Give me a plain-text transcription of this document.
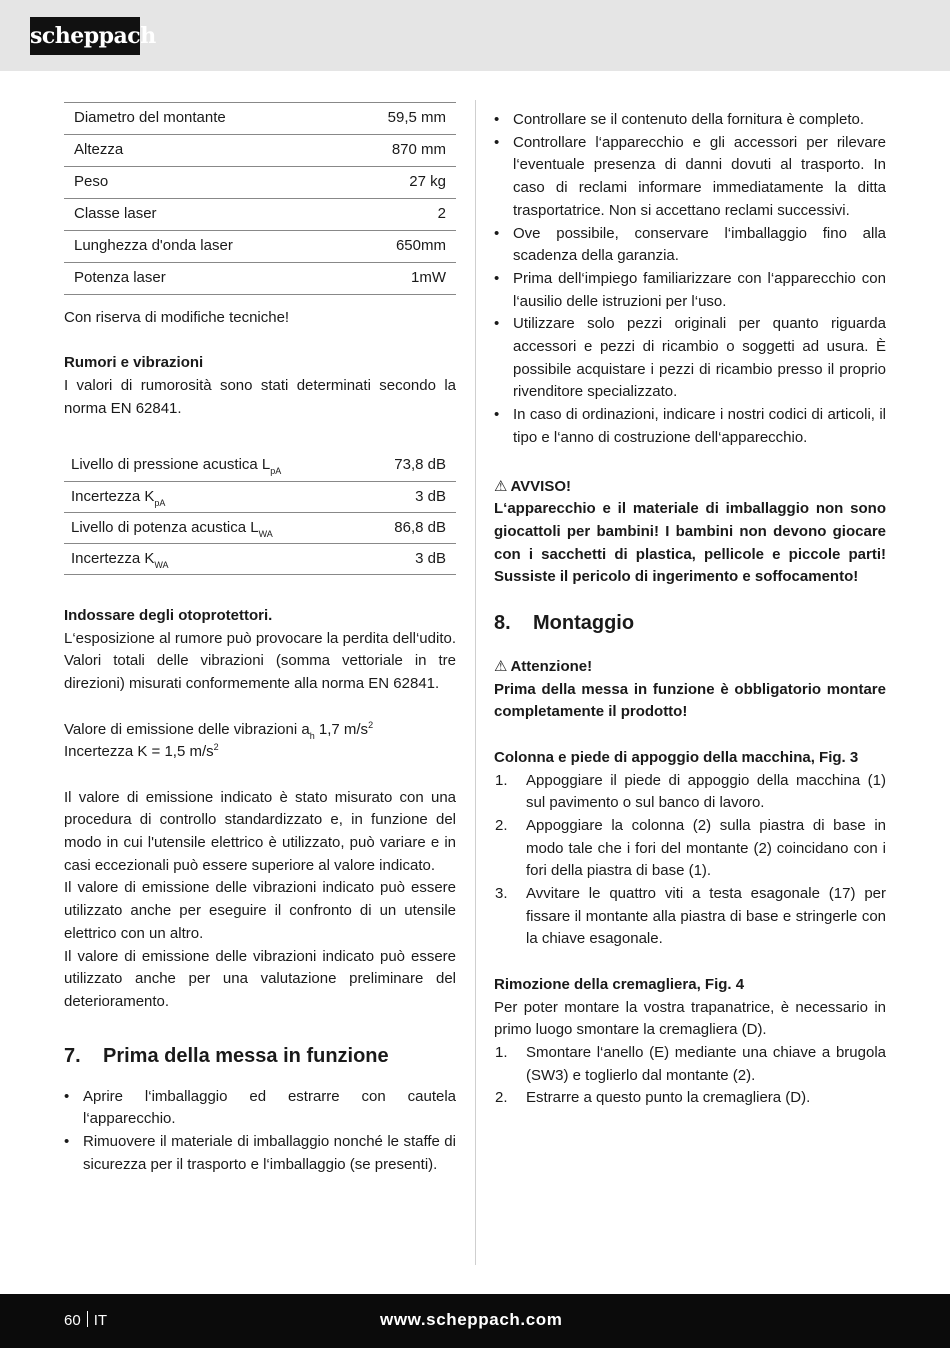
scheppach
Diametro del montante	59,5 mm
Altezza	870 mm
Peso	27 kg
Classe laser	2
Lunghezza d'onda laser	650mm
Potenza laser	1mW

Con riserva di modifiche tecniche!

Rumori e vibrazioni

I valori di rumorosità sono stati determinati secondo la norma EN 62841.

Livello di pressione acustica $L_{pA}$	73,8 dB
Incertezza $K_{pA}$	3 dB
Livello di potenza acustica $L_{WA}$	86,8 dB
Incertezza $K_{WA}$	3 dB

Indossare degli otoprotettori.

L‘esposizione al rumore può provocare la perdita dell‘udito. Valori totali delle vibrazioni (somma vettoriale in tre direzioni) misurati conformemente alla norma EN 62841.

Valore di emissione delle vibrazioni $a_h$ 1,7 $m/s^2$

Incertezza K = 1,5 $m/s^2$

Il valore di emissione indicato è stato misurato con una procedura di controllo standardizzato e, in funzione del modo in cui l'utensile elettrico è utilizzato, può variare e in casi eccezionali può essere superiore al valore indicato.

Il valore di emissione delle vibrazioni indicato può essere utilizzato anche per eseguire il confronto di un utensile elettrico con un altro.

Il valore di emissione delle vibrazioni indicato può essere utilizzato anche per una valutazione preliminare del deterioramento.

7.	Prima della messa in funzione
• Aprire l‘imballaggio ed estrarre con cautela l‘apparecchio.
• Rimuovere il materiale di imballaggio nonché le staffe di sicurezza per il trasporto e l‘imballaggio (se presenti).
• Controllare se il contenuto della fornitura è completo.
• Controllare l‘apparecchio e gli accessori per rilevare l‘eventuale presenza di danni dovuti al trasporto. In caso di reclami informare immediatamente la ditta trasportatrice. Non si accettano reclami successivi.
• Ove possibile, conservare l‘imballaggio fino alla scadenza della garanzia.
• Prima dell‘impiego familiarizzare con l‘apparecchio con l‘ausilio delle istruzioni per l‘uso.
• Utilizzare solo pezzi originali per quanto riguarda accessori e pezzi di ricambio o soggetti ad usura. È possibile acquistare i pezzi di ricambio presso il proprio rivenditore specializzato.
• In caso di ordinazioni, indicare i nostri codici di articoli, il tipo e l‘anno di costruzione dell‘apparecchio.

⚠ AVVISO!

L‘apparecchio e il materiale di imballaggio non sono giocattoli per bambini! I bambini non devono giocare con i sacchetti di plastica, pellicole e piccole parti! Sussiste il pericolo di ingerimento e soffocamento!

8.	Montaggio

⚠ Attenzione!

Prima della messa in funzione è obbligatorio montare completamente il prodotto!

Colonna e piede di appoggio della macchina, Fig. 3

1. Appoggiare il piede di appoggio della macchina (1) sul pavimento o sul banco di lavoro.
2. Appoggiare la colonna (2) sulla piastra di base in modo tale che i fori del montante (2) coincidano con i fori della piastra di base (1).
3. Avvitare le quattro viti a testa esagonale (17) per fissare il montante alla piastra di base e stringerle con la chiave esagonale.

Rimozione della cremagliera, Fig. 4

Per poter montare la vostra trapanatrice, è necessario in primo luogo smontare la cremagliera (D).

1. Smontare l‘anello (E) mediante una chiave a brugola (SW3) e toglierlo dal montante (2).
2. Estrarre a questo punto la cremagliera (D).
60 IT	www.scheppach.com
